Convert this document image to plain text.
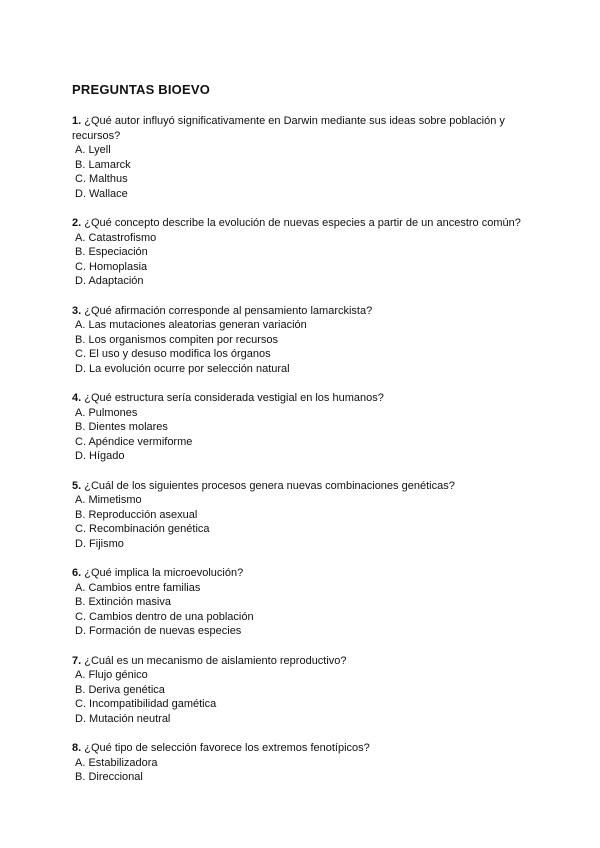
PREGUNTAS BIOEVO

1. ¿Qué autor influyó significativamente en Darwin mediante sus ideas sobre población y recursos?

A. Lyell
B. Lamarck
C. Malthus
D. Wallace

2. ¿Qué concepto describe la evolución de nuevas especies a partir de un ancestro común?

A. Catastrofismo
B. Especiación
C. Homoplasia
D. Adaptación

3. ¿Qué afirmación corresponde al pensamiento lamarckista?

A. Las mutaciones aleatorias generan variación
B. Los organismos compiten por recursos
C. El uso y desuso modifica los órganos
D. La evolución ocurre por selección natural

4. ¿Qué estructura sería considerada vestigial en los humanos?

A. Pulmones
B. Dientes molares
C. Apéndice vermiforme
D. Hígado

5. ¿Cuál de los siguientes procesos genera nuevas combinaciones genéticas?

A. Mimetismo
B. Reproducción asexual
C. Recombinación genética
D. Fijismo

6. ¿Qué implica la microevolución?

A. Cambios entre familias
B. Extinción masiva
C. Cambios dentro de una población
D. Formación de nuevas especies

7. ¿Cuál es un mecanismo de aislamiento reproductivo?

A. Flujo génico
B. Deriva genética
C. Incompatibilidad gamética
D. Mutación neutral

8. ¿Qué tipo de selección favorece los extremos fenotípicos?

A. Estabilizadora
B. Direccional
